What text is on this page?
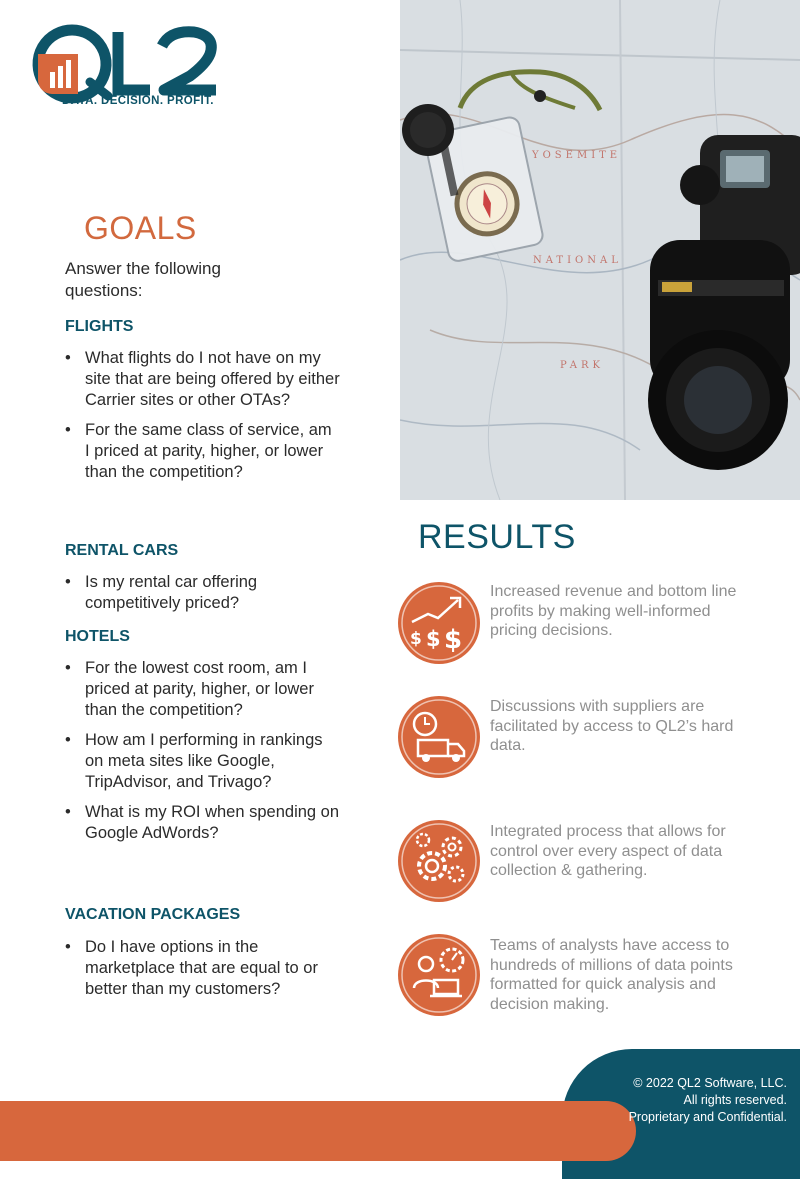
DATA. DECISION. PROFIT.
YOSEMITE
NATIONAL
PARK
GOALS
Answer the following questions:
FLIGHTS
• What flights do I not have on my site that are being offered by either Carrier sites or other OTAs?
• For the same class of service, am I priced at parity, higher, or lower than the competition?
RENTAL CARS
• Is my rental car offering competitively priced?
HOTELS
• For the lowest cost room, am I priced at parity, higher, or lower than the competition?
• How am I performing in rankings on meta sites like Google, TripAdvisor, and Trivago?
• What is my ROI when spending on Google AdWords?
VACATION PACKAGES
• Do I have options in the marketplace that are equal to or better than my customers?
RESULTS
$ $ $
Increased revenue and bottom line profits by making well-informed pricing decisions.
Discussions with suppliers are facilitated by access to QL2’s hard data.
Integrated process that allows for control over every aspect of data collection & gathering.
Teams of analysts have access to hundreds of millions of data points formatted for quick analysis and decision making.
© 2022 QL2 Software, LLC. All rights reserved. Proprietary and Confidential.
